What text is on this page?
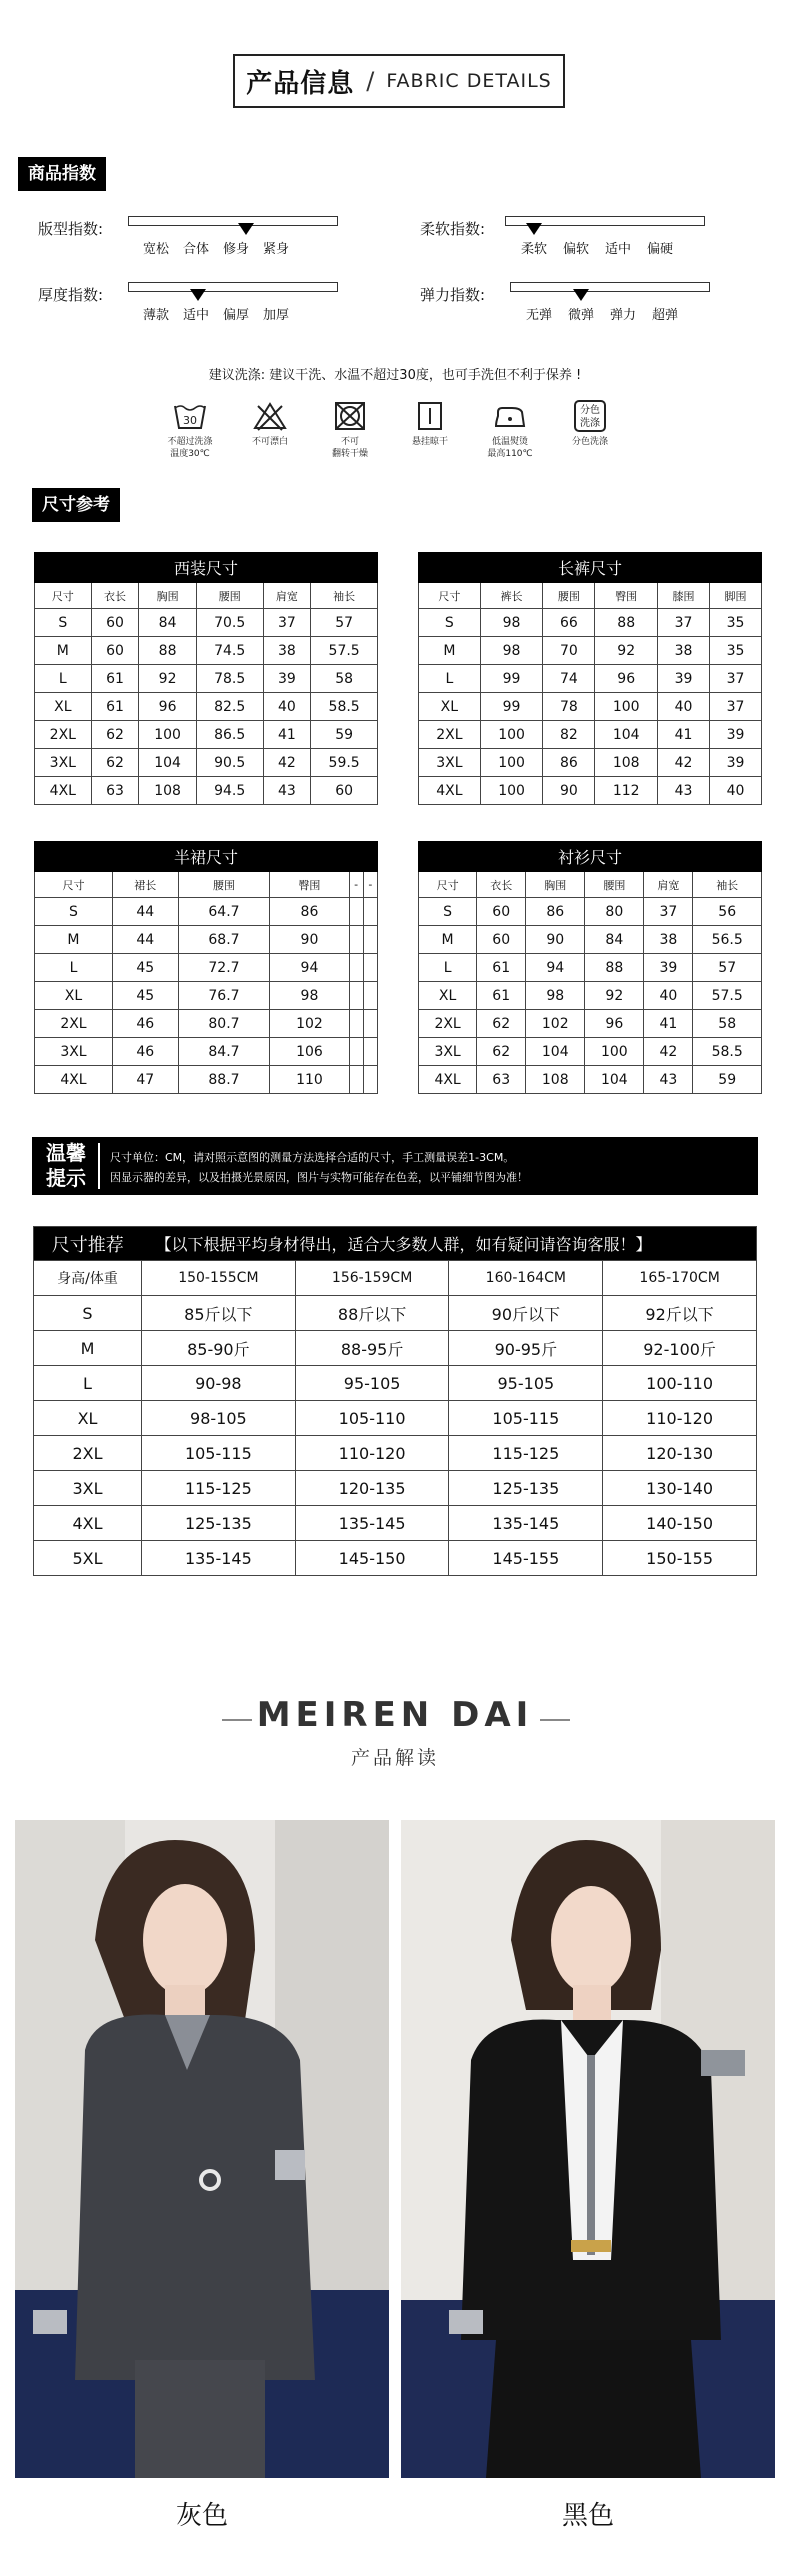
产品信息 / FABRIC DETAILS
商品指数
版型指数:
宽松	合体	修身	紧身
柔软指数:
柔软	偏软	适中	偏硬
厚度指数:
薄款	适中	偏厚	加厚
弹力指数:
无弹	微弹	弹力	超弹
建议洗涤: 建议干洗、水温不超过30度，也可手洗但不利于保养 !
30
不超过洗涤
温度30℃
不可漂白	不可
翻转干燥
悬挂晾干	低温熨烫
最高110℃
分色
洗涤
分色洗涤
尺寸参考
西装尺寸					
尺寸	衣长	胸围	腰围	肩宽	袖长
S	60	84	70.5	37	57
M	60	88	74.5	38	57.5
L	61	92	78.5	39	58
XL	61	96	82.5	40	58.5
2XL	62	100	86.5	41	59
3XL	62	104	90.5	42	59.5
4XL	63	108	94.5	43	60
长裤尺寸					
尺寸	裤长	腰围	臀围	膝围	脚围
S	98	66	88	37	35
M	98	70	92	38	35
L	99	74	96	39	37
XL	99	78	100	40	37
2XL	100	82	104	41	39
3XL	100	86	108	42	39
4XL	100	90	112	43	40
半裙尺寸					
尺寸	裙长	腰围	臀围	-	-
S	44	64.7	86		
M	44	68.7	90		
L	45	72.7	94		
XL	45	76.7	98		
2XL	46	80.7	102		
3XL	46	84.7	106		
4XL	47	88.7	110		
衬衫尺寸					
尺寸	衣长	胸围	腰围	肩宽	袖长
S	60	86	80	37	56
M	60	90	84	38	56.5
L	61	94	88	39	57
XL	61	98	92	40	57.5
2XL	62	102	96	41	58
3XL	62	104	100	42	58.5
4XL	63	108	104	43	59
温馨
提示
尺寸单位：CM，请对照示意图的测量方法选择合适的尺寸，手工测量误差1-3CM。
因显示器的差异，以及拍摄光景原因，图片与实物可能存在色差，以平铺细节图为准！
尺寸推荐	【以下根据平均身材得出，适合大多数人群，如有疑问请咨询客服！】			
身高/体重	150-155CM	156-159CM	160-164CM	165-170CM
S	85斤以下	88斤以下	90斤以下	92斤以下
M	85-90斤	88-95斤	90-95斤	92-100斤
L	90-98	95-105	95-105	100-110
XL	98-105	105-110	105-115	110-120
2XL	105-115	110-120	115-125	120-130
3XL	115-125	120-135	125-135	130-140
4XL	125-135	135-145	135-145	140-150
5XL	135-145	145-150	145-155	150-155
MEIREN DAI
产品解读
灰色	黑色
